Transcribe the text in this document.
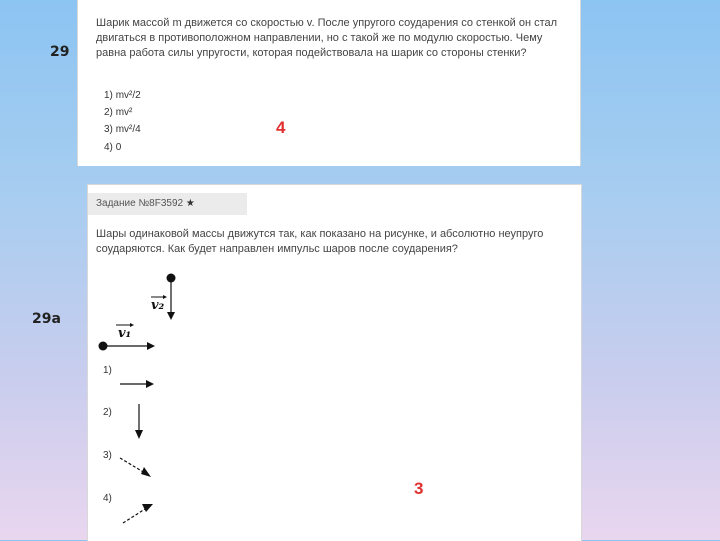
29
Шарик массой m движется со скоростью v. После упругого соударения со стенкой он стал двигаться в противоположном направлении, но с такой же по модулю скоростью. Чему равна работа силы упругости, которая подействовала на шарик со стороны стенки?
1) mv²/2
2) mv²
3) mv²/4
4) 0
4
29а
Задание №8F3592 ★
Шары одинаковой массы движутся так, как показано на рисунке, и абсолютно неупруго соударяются. Как будет направлен импульс шаров после соударения?
v₂
v₁
1)
2)
3)
4)
3
